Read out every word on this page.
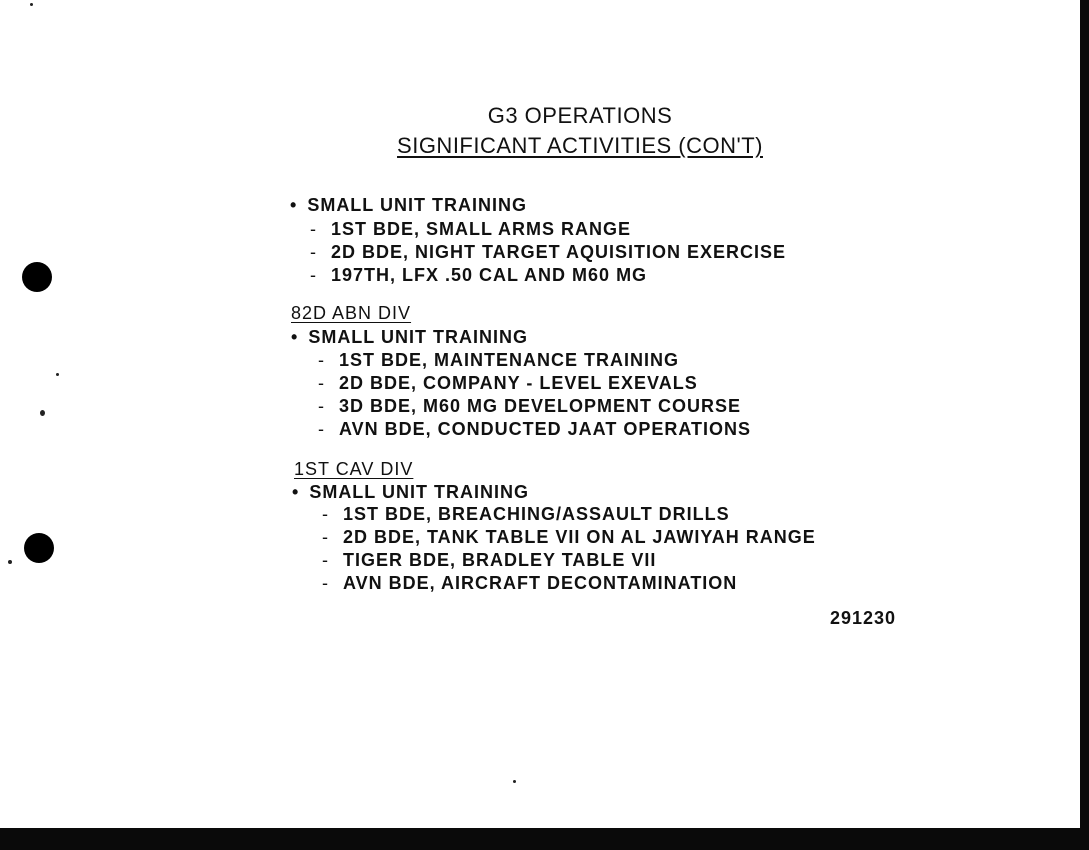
G3 OPERATIONS
SIGNIFICANT ACTIVITIES (CON'T)
• SMALL UNIT TRAINING
- 1ST BDE, SMALL ARMS RANGE
- 2D BDE, NIGHT TARGET AQUISITION EXERCISE
- 197TH, LFX .50 CAL AND M60 MG
82D ABN DIV
• SMALL UNIT TRAINING
- 1ST BDE, MAINTENANCE TRAINING
- 2D BDE, COMPANY - LEVEL EXEVALS
- 3D BDE, M60 MG DEVELOPMENT COURSE
- AVN BDE, CONDUCTED JAAT OPERATIONS
1ST CAV DIV
• SMALL UNIT TRAINING
- 1ST BDE, BREACHING/ASSAULT DRILLS
- 2D BDE, TANK TABLE VII ON AL JAWIYAH RANGE
- TIGER BDE, BRADLEY TABLE VII
- AVN BDE, AIRCRAFT DECONTAMINATION
291230
